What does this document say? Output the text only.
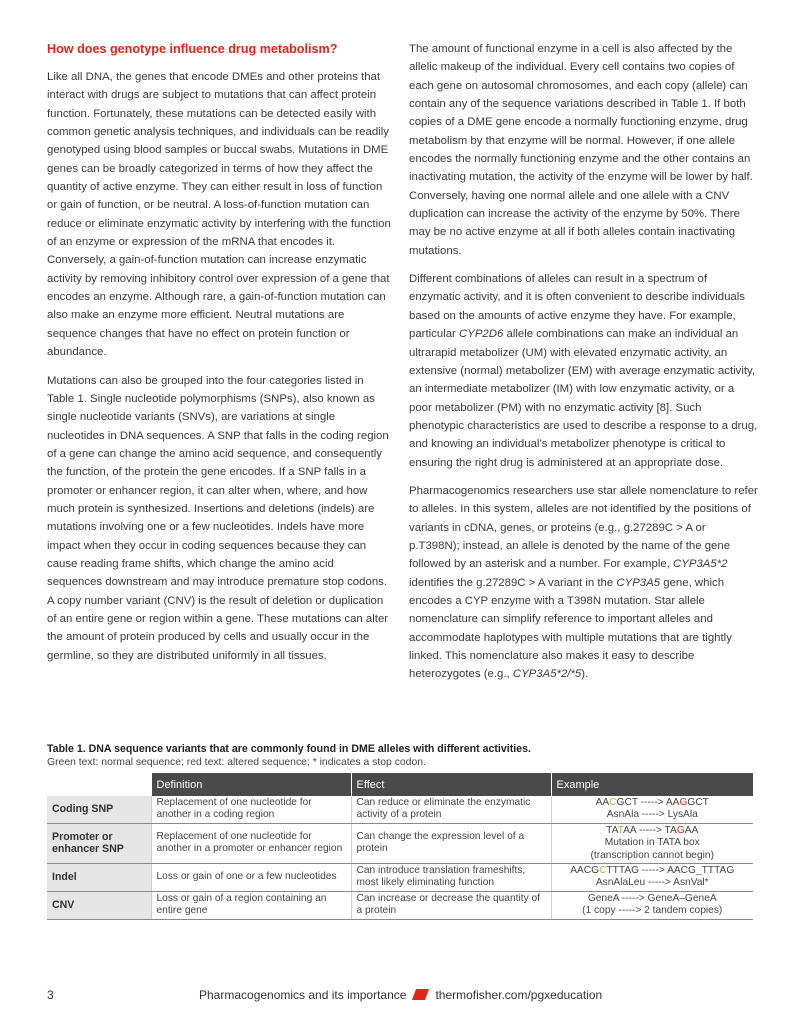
How does genotype influence drug metabolism?

Like all DNA, the genes that encode DMEs and other proteins that interact with drugs are subject to mutations that can affect protein function. Fortunately, these mutations can be detected easily with common genetic analysis techniques, and individuals can be readily genotyped using blood samples or buccal swabs. Mutations in DME genes can be broadly categorized in terms of how they affect the quantity of active enzyme. They can either result in loss of function or gain of function, or be neutral. A loss-of-function mutation can reduce or eliminate enzymatic activity by interfering with the function of an enzyme or expression of the mRNA that encodes it. Conversely, a gain-of-function mutation can increase enzymatic activity by removing inhibitory control over expression of a gene that encodes an enzyme. Although rare, a gain-of-function mutation can also make an enzyme more efficient. Neutral mutations are sequence changes that have no effect on protein function or abundance.

Mutations can also be grouped into the four categories listed in Table 1. Single nucleotide polymorphisms (SNPs), also known as single nucleotide variants (SNVs), are variations at single nucleotides in DNA sequences. A SNP that falls in the coding region of a gene can change the amino acid sequence, and consequently the function, of the protein the gene encodes. If a SNP falls in a promoter or enhancer region, it can alter when, where, and how much protein is synthesized. Insertions and deletions (indels) are mutations involving one or a few nucleotides. Indels have more impact when they occur in coding sequences because they can cause reading frame shifts, which change the amino acid sequences downstream and may introduce premature stop codons. A copy number variant (CNV) is the result of deletion or duplication of an entire gene or region within a gene. These mutations can alter the amount of protein produced by cells and usually occur in the germline, so they are distributed uniformly in all tissues.

The amount of functional enzyme in a cell is also affected by the allelic makeup of the individual. Every cell contains two copies of each gene on autosomal chromosomes, and each copy (allele) can contain any of the sequence variations described in Table 1. If both copies of a DME gene encode a normally functioning enzyme, drug metabolism by that enzyme will be normal. However, if one allele encodes the normally functioning enzyme and the other contains an inactivating mutation, the activity of the enzyme will be lower by half. Conversely, having one normal allele and one allele with a CNV duplication can increase the activity of the enzyme by 50%. There may be no active enzyme at all if both alleles contain inactivating mutations.

Different combinations of alleles can result in a spectrum of enzymatic activity, and it is often convenient to describe individuals based on the amounts of active enzyme they have. For example, particular CYP2D6 allele combinations can make an individual an ultrarapid metabolizer (UM) with elevated enzymatic activity, an extensive (normal) metabolizer (EM) with average enzymatic activity, an intermediate metabolizer (IM) with low enzymatic activity, or a poor metabolizer (PM) with no enzymatic activity [8]. Such phenotypic characteristics are used to describe a response to a drug, and knowing an individual’s metabolizer phenotype is critical to ensuring the right drug is administered at an appropriate dose.

Pharmacogenomics researchers use star allele nomenclature to refer to alleles. In this system, alleles are not identified by the positions of variants in cDNA, genes, or proteins (e.g., g.27289C > A or p.T398N); instead, an allele is denoted by the name of the gene followed by an asterisk and a number. For example, CYP3A5*2 identifies the g.27289C > A variant in the CYP3A5 gene, which encodes a CYP enzyme with a T398N mutation. Star allele nomenclature can simplify reference to important alleles and accommodate haplotypes with multiple mutations that are tightly linked. This nomenclature also makes it easy to describe heterozygotes (e.g., CYP3A5*2/*5).

Table 1. DNA sequence variants that are commonly found in DME alleles with different activities.
Green text: normal sequence; red text: altered sequence; * indicates a stop codon.
	Definition	Effect	Example
Coding SNP	Replacement of one nucleotide for another in a coding region	Can reduce or eliminate the enzymatic activity of a protein	AACGCT -----> AAGGCT
AsnAla -----> LysAla

Promoter or enhancer SNP	Replacement of one nucleotide for another in a promoter or enhancer region	Can change the expression level of a protein	TATAA -----> TAGAA
Mutation in TATA box
(transcription cannot begin)

Indel	Loss or gain of one or a few nucleotides	Can introduce translation frameshifts, most likely eliminating function	AACGCTTTAG -----> AACG_TTTAG
AsnAlaLeu -----> AsnVal*

CNV	Loss or gain of a region containing an entire gene	Can increase or decrease the quantity of a protein	GeneA -----> GeneA–GeneA
(1 copy -----> 2 tandem copies)
3	Pharmacogenomics and its importance thermofisher.com/pgxeducation
